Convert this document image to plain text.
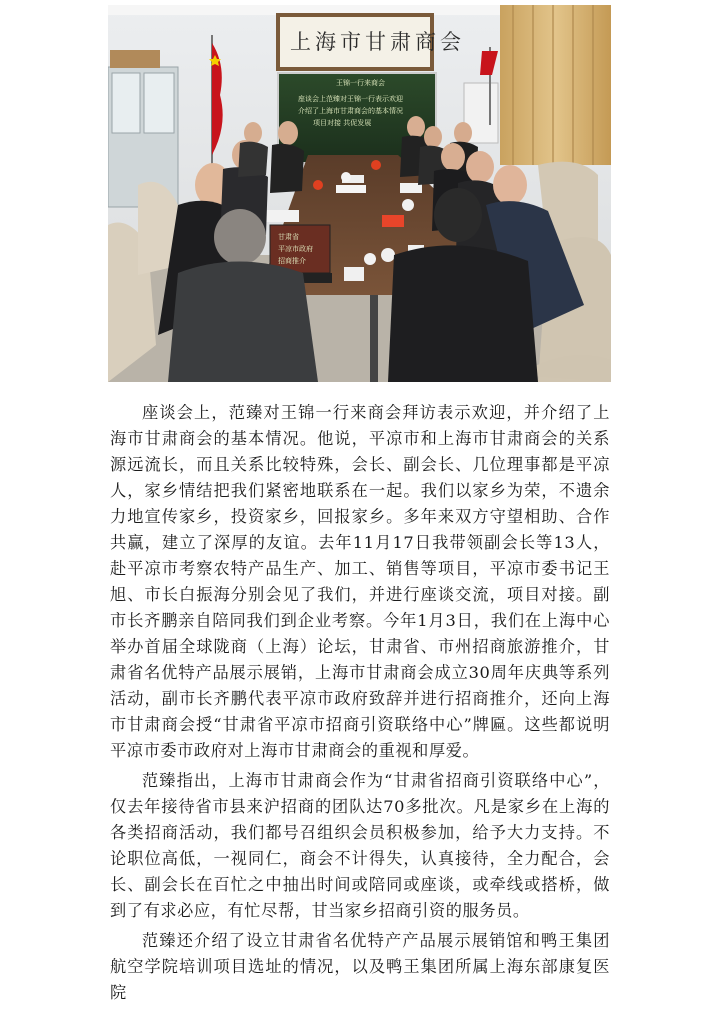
上海市甘肃商会
王锦一行来商会
座谈会上范臻对王锦一行表示欢迎
介绍了上海市甘肃商会的基本情况
项目对接 共促发展
甘肃省
平凉市政府
招商推介

座谈会上，范臻对王锦一行来商会拜访表示欢迎，并介绍了上海市甘肃商会的基本情况。他说，平凉市和上海市甘肃商会的关系源远流长，而且关系比较特殊，会长、副会长、几位理事都是平凉人，家乡情结把我们紧密地联系在一起。我们以家乡为荣，不遗余力地宣传家乡，投资家乡，回报家乡。多年来双方守望相助、合作共赢，建立了深厚的友谊。去年11月17日我带领副会长等13人，赴平凉市考察农特产品生产、加工、销售等项目，平凉市委书记王旭、市长白振海分别会见了我们，并进行座谈交流，项目对接。副市长齐鹏亲自陪同我们到企业考察。今年1月3日，我们在上海中心举办首届全球陇商（上海）论坛，甘肃省、市州招商旅游推介，甘肃省名优特产品展示展销，上海市甘肃商会成立30周年庆典等系列活动，副市长齐鹏代表平凉市政府致辞并进行招商推介，还向上海市甘肃商会授“甘肃省平凉市招商引资联络中心”牌匾。这些都说明平凉市委市政府对上海市甘肃商会的重视和厚爱。

范臻指出，上海市甘肃商会作为“甘肃省招商引资联络中心”，仅去年接待省市县来沪招商的团队达70多批次。凡是家乡在上海的各类招商活动，我们都号召组织会员积极参加，给予大力支持。不论职位高低，一视同仁，商会不计得失，认真接待，全力配合，会长、副会长在百忙之中抽出时间或陪同或座谈，或牵线或搭桥，做到了有求必应，有忙尽帮，甘当家乡招商引资的服务员。

范臻还介绍了设立甘肃省名优特产产品展示展销馆和鸭王集团航空学院培训项目选址的情况，以及鸭王集团所属上海东部康复医院
